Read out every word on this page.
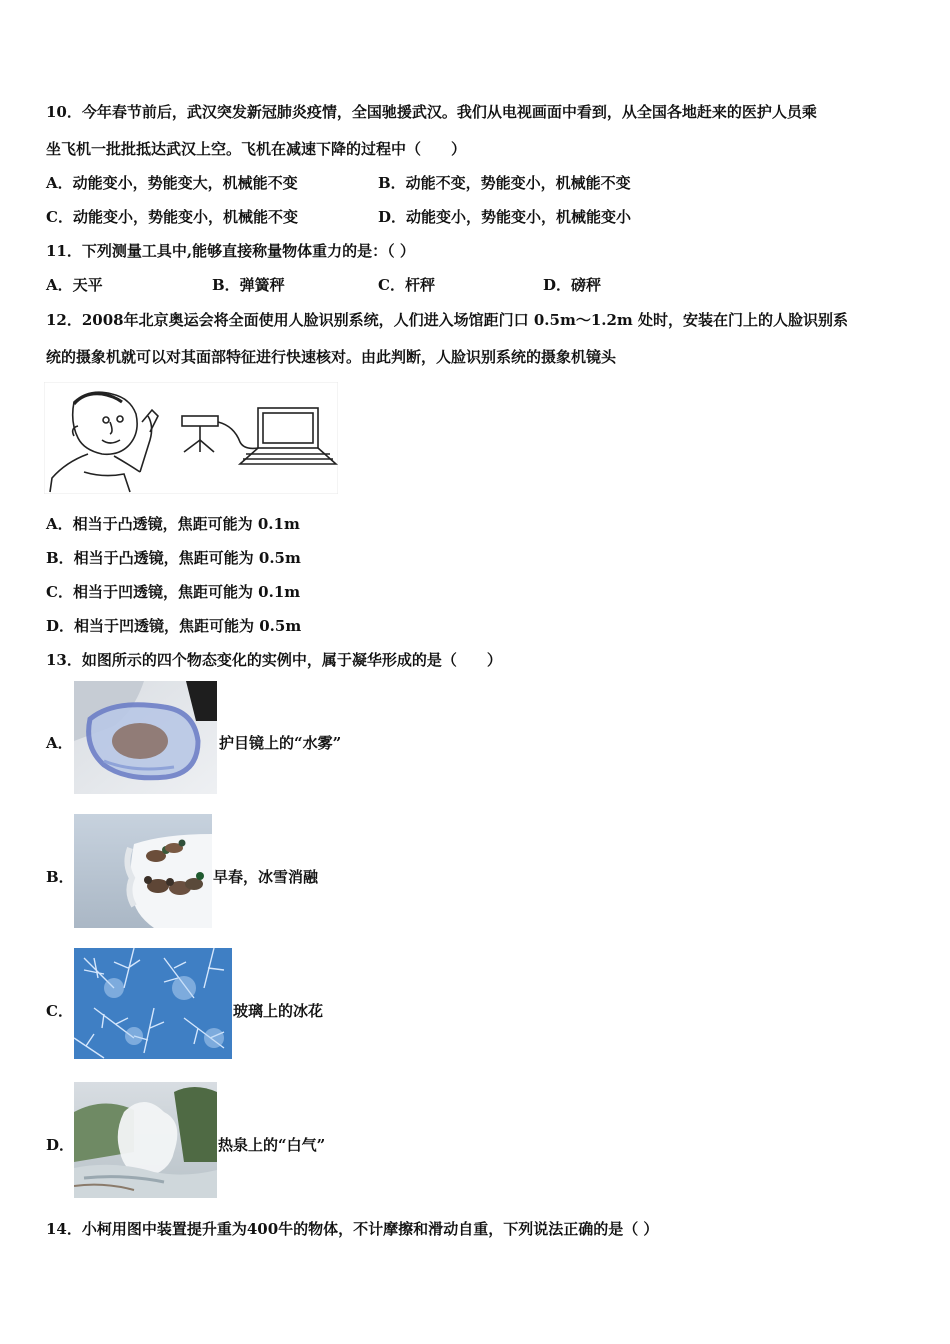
10．今年春节前后，武汉突发新冠肺炎疫情，全国驰援武汉。我们从电视画面中看到，从全国各地赶来的医护人员乘
坐飞机一批批抵达武汉上空。飞机在减速下降的过程中（　　）
A．动能变小，势能变大，机械能不变	B．动能不变，势能变小，机械能不变
C．动能变小，势能变小，机械能不变	D．动能变小，势能变小，机械能变小
11．下列测量工具中,能够直接称量物体重力的是：（ ）
A．天平	B．弹簧秤	C．杆秤	D．磅秤
12．2008年北京奥运会将全面使用人脸识别系统，人们进入场馆距门口 0.5m～1.2m 处时，安装在门上的人脸识别系
统的摄象机就可以对其面部特征进行快速核对。由此判断，人脸识别系统的摄象机镜头
A．相当于凸透镜，焦距可能为 0.1m
B．相当于凸透镜，焦距可能为 0.5m
C．相当于凹透镜，焦距可能为 0.1m
D．相当于凹透镜，焦距可能为 0.5m
13．如图所示的四个物态变化的实例中，属于凝华形成的是（　　）
A．	护目镜上的“水雾”
B．	早春，冰雪消融
C．	玻璃上的冰花
D．	热泉上的“白气”
14．小柯用图中装置提升重为400牛的物体，不计摩擦和滑动自重，下列说法正确的是（ ）
